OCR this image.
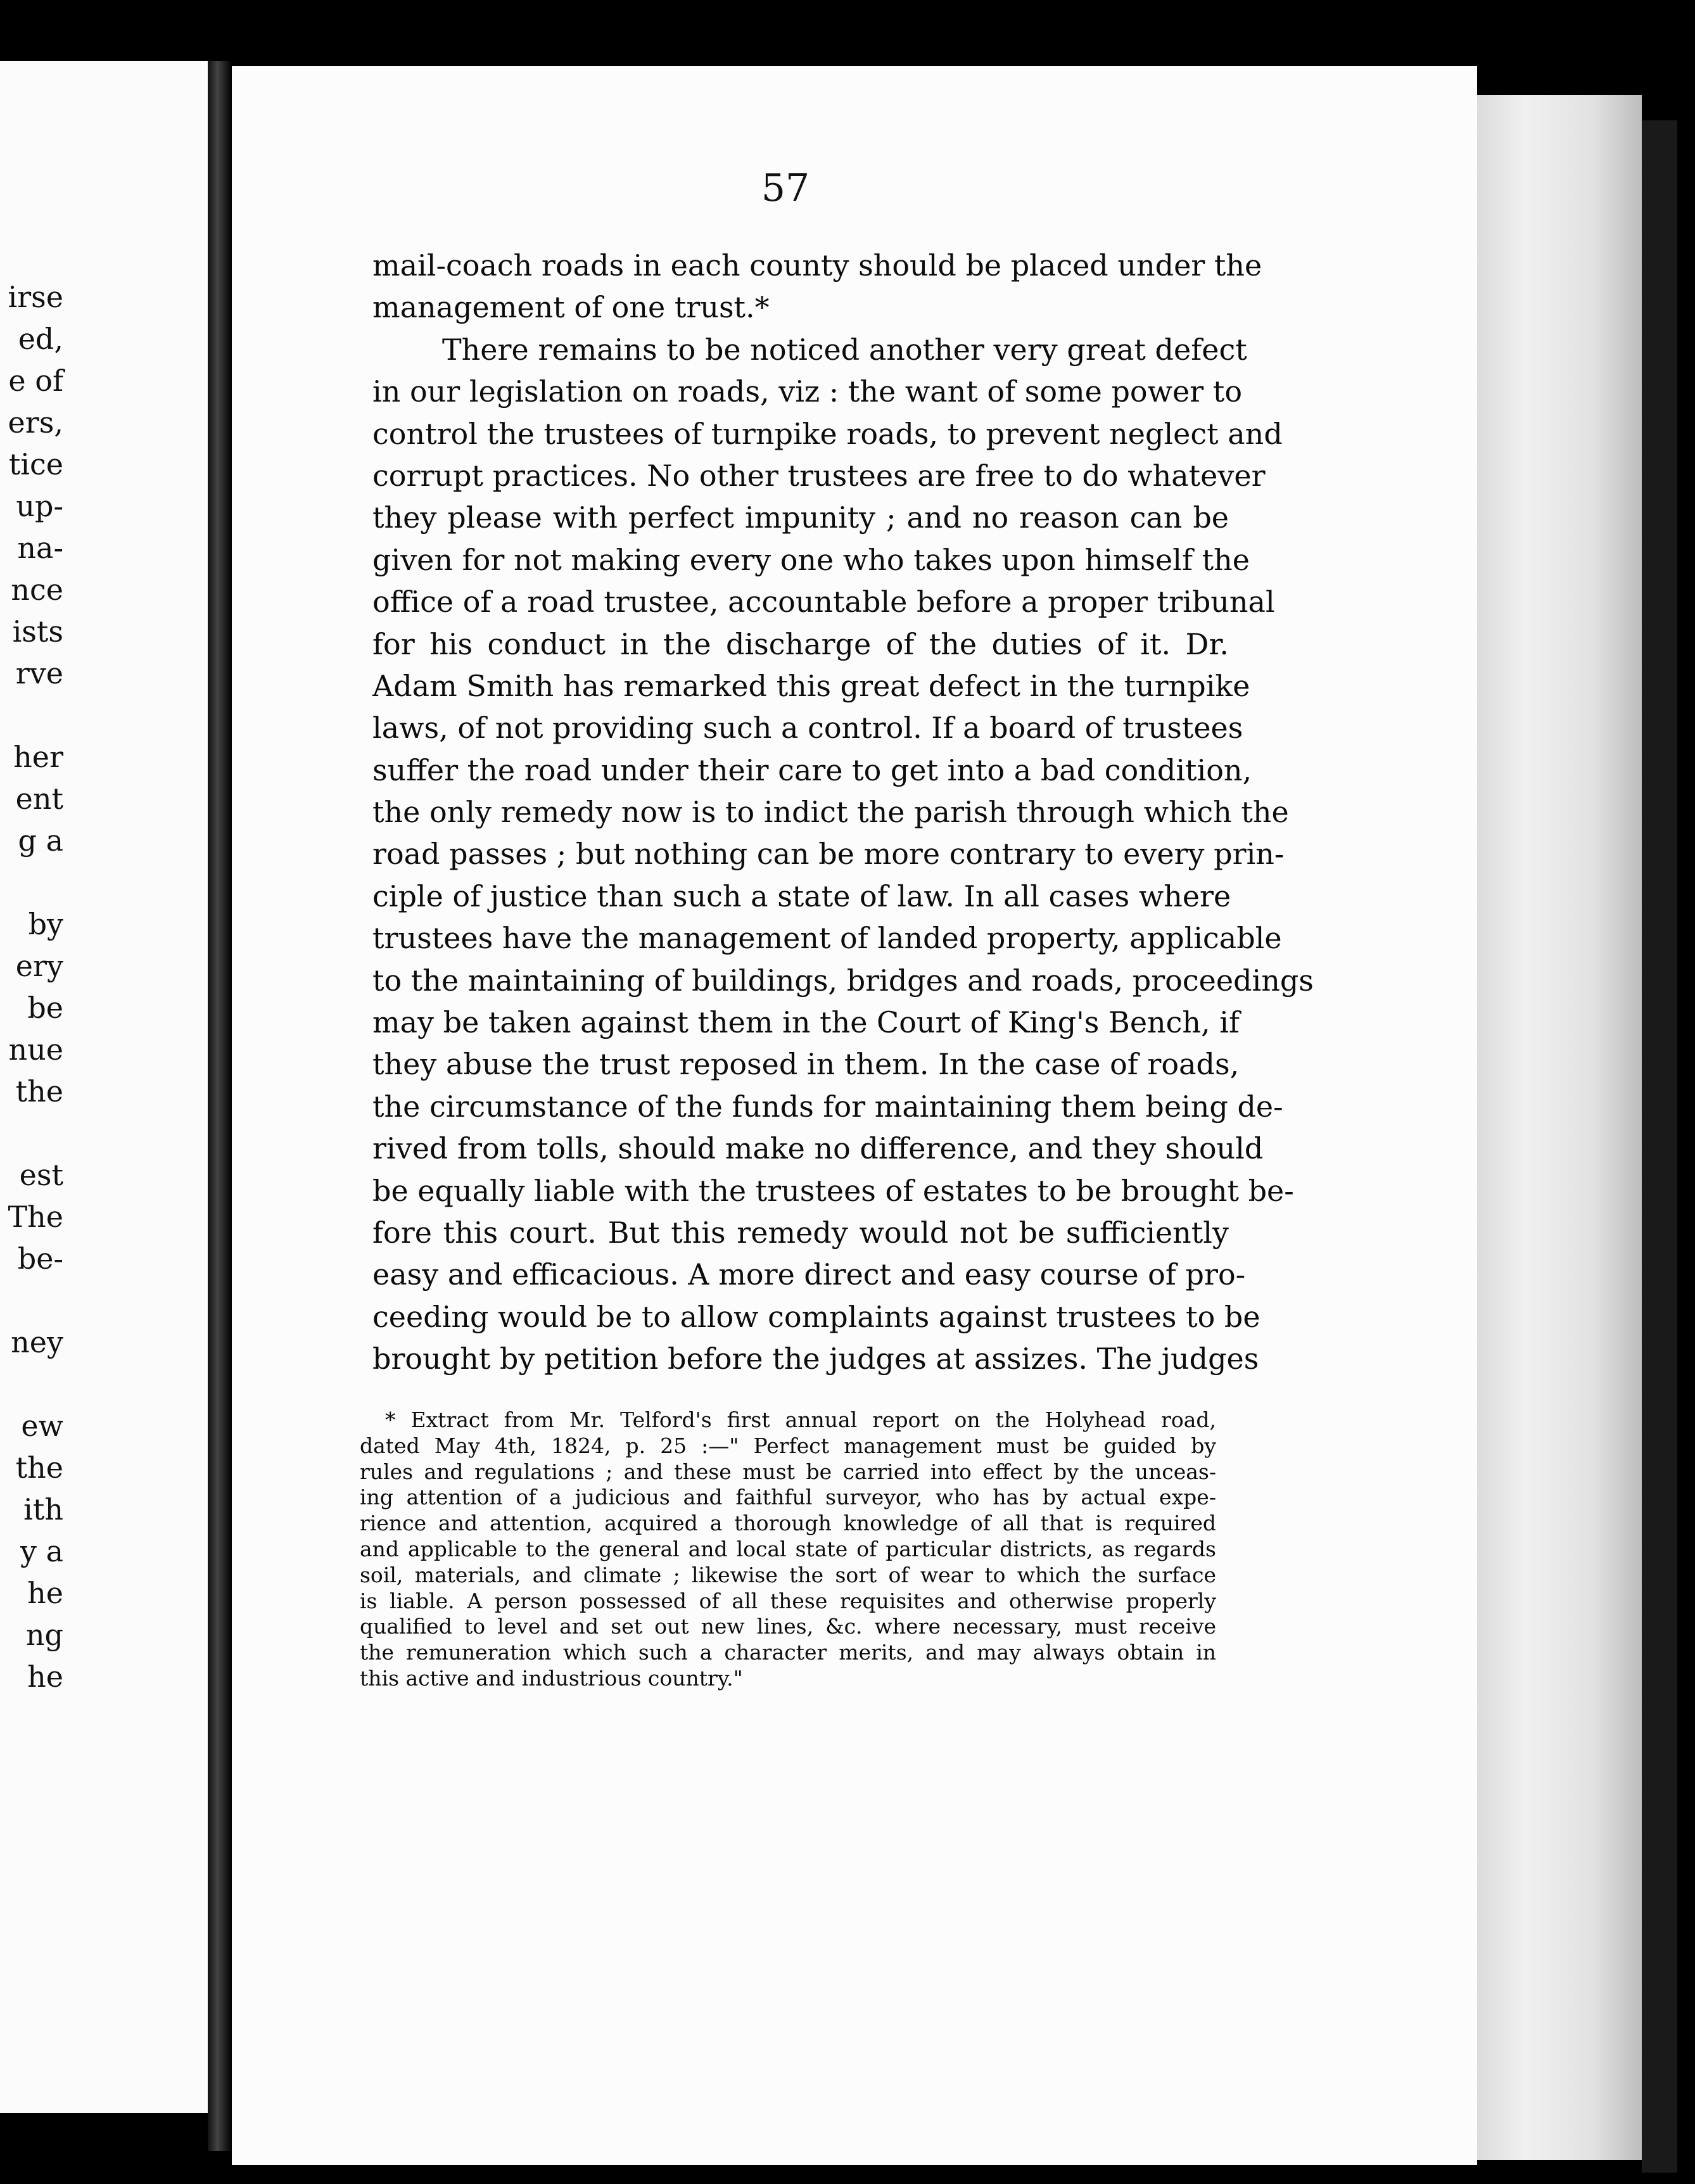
irse
ed,
e of
ers,
tice
up-
na-
nce
ists
rve
her
ent
g a
by
ery
be
nue
the
est
The
be-
ney
ew
the
ith
y a
he
ng
he
57
mail-coach roads in each county should be placed under the
management of one trust.*
There remains to be noticed another very great defect
in our legislation on roads, viz : the want of some power to
control the trustees of turnpike roads, to prevent neglect and
corrupt practices. No other trustees are free to do whatever
they please with perfect impunity ; and no reason can be
given for not making every one who takes upon himself the
office of a road trustee, accountable before a proper tribunal
for his conduct in the discharge of the duties of it. Dr.
Adam Smith has remarked this great defect in the turnpike
laws, of not providing such a control. If a board of trustees
suffer the road under their care to get into a bad condition,
the only remedy now is to indict the parish through which the
road passes ; but nothing can be more contrary to every prin-
ciple of justice than such a state of law. In all cases where
trustees have the management of landed property, applicable
to the maintaining of buildings, bridges and roads, proceedings
may be taken against them in the Court of King's Bench, if
they abuse the trust reposed in them. In the case of roads,
the circumstance of the funds for maintaining them being de-
rived from tolls, should make no difference, and they should
be equally liable with the trustees of estates to be brought be-
fore this court. But this remedy would not be sufficiently
easy and efficacious. A more direct and easy course of pro-
ceeding would be to allow complaints against trustees to be
brought by petition before the judges at assizes. The judges
* Extract from Mr. Telford's first annual report on the Holyhead road,
dated May 4th, 1824, p. 25 :—" Perfect management must be guided by
rules and regulations ; and these must be carried into effect by the unceas-
ing attention of a judicious and faithful surveyor, who has by actual expe-
rience and attention, acquired a thorough knowledge of all that is required
and applicable to the general and local state of particular districts, as regards
soil, materials, and climate ; likewise the sort of wear to which the surface
is liable. A person possessed of all these requisites and otherwise properly
qualified to level and set out new lines, &c. where necessary, must receive
the remuneration which such a character merits, and may always obtain in
this active and industrious country."
